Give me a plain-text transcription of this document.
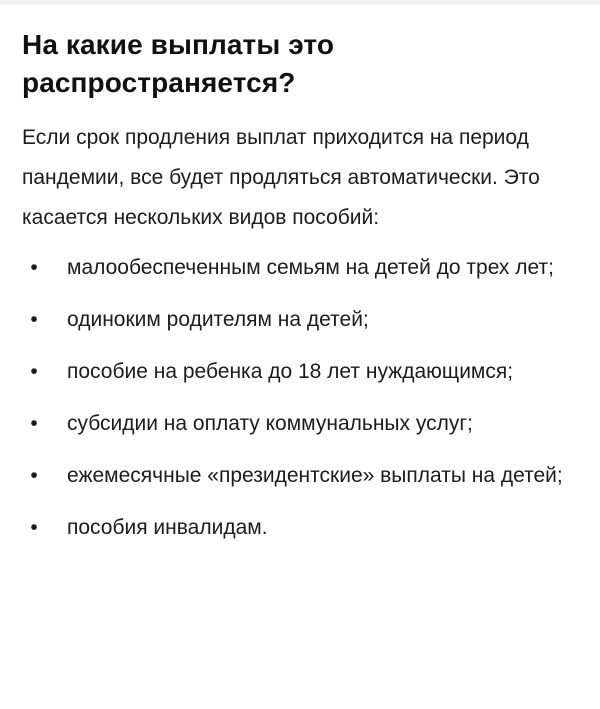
На какие выплаты это распространяется?

Если срок продления выплат приходится на период пандемии, все будет продляться автоматически. Это касается нескольких видов пособий:

• малообеспеченным семьям на детей до трех лет;
• одиноким родителям на детей;
• пособие на ребенка до 18 лет нуждающимся;
• субсидии на оплату коммунальных услуг;
• ежемесячные «президентские» выплаты на детей;
• пособия инвалидам.
